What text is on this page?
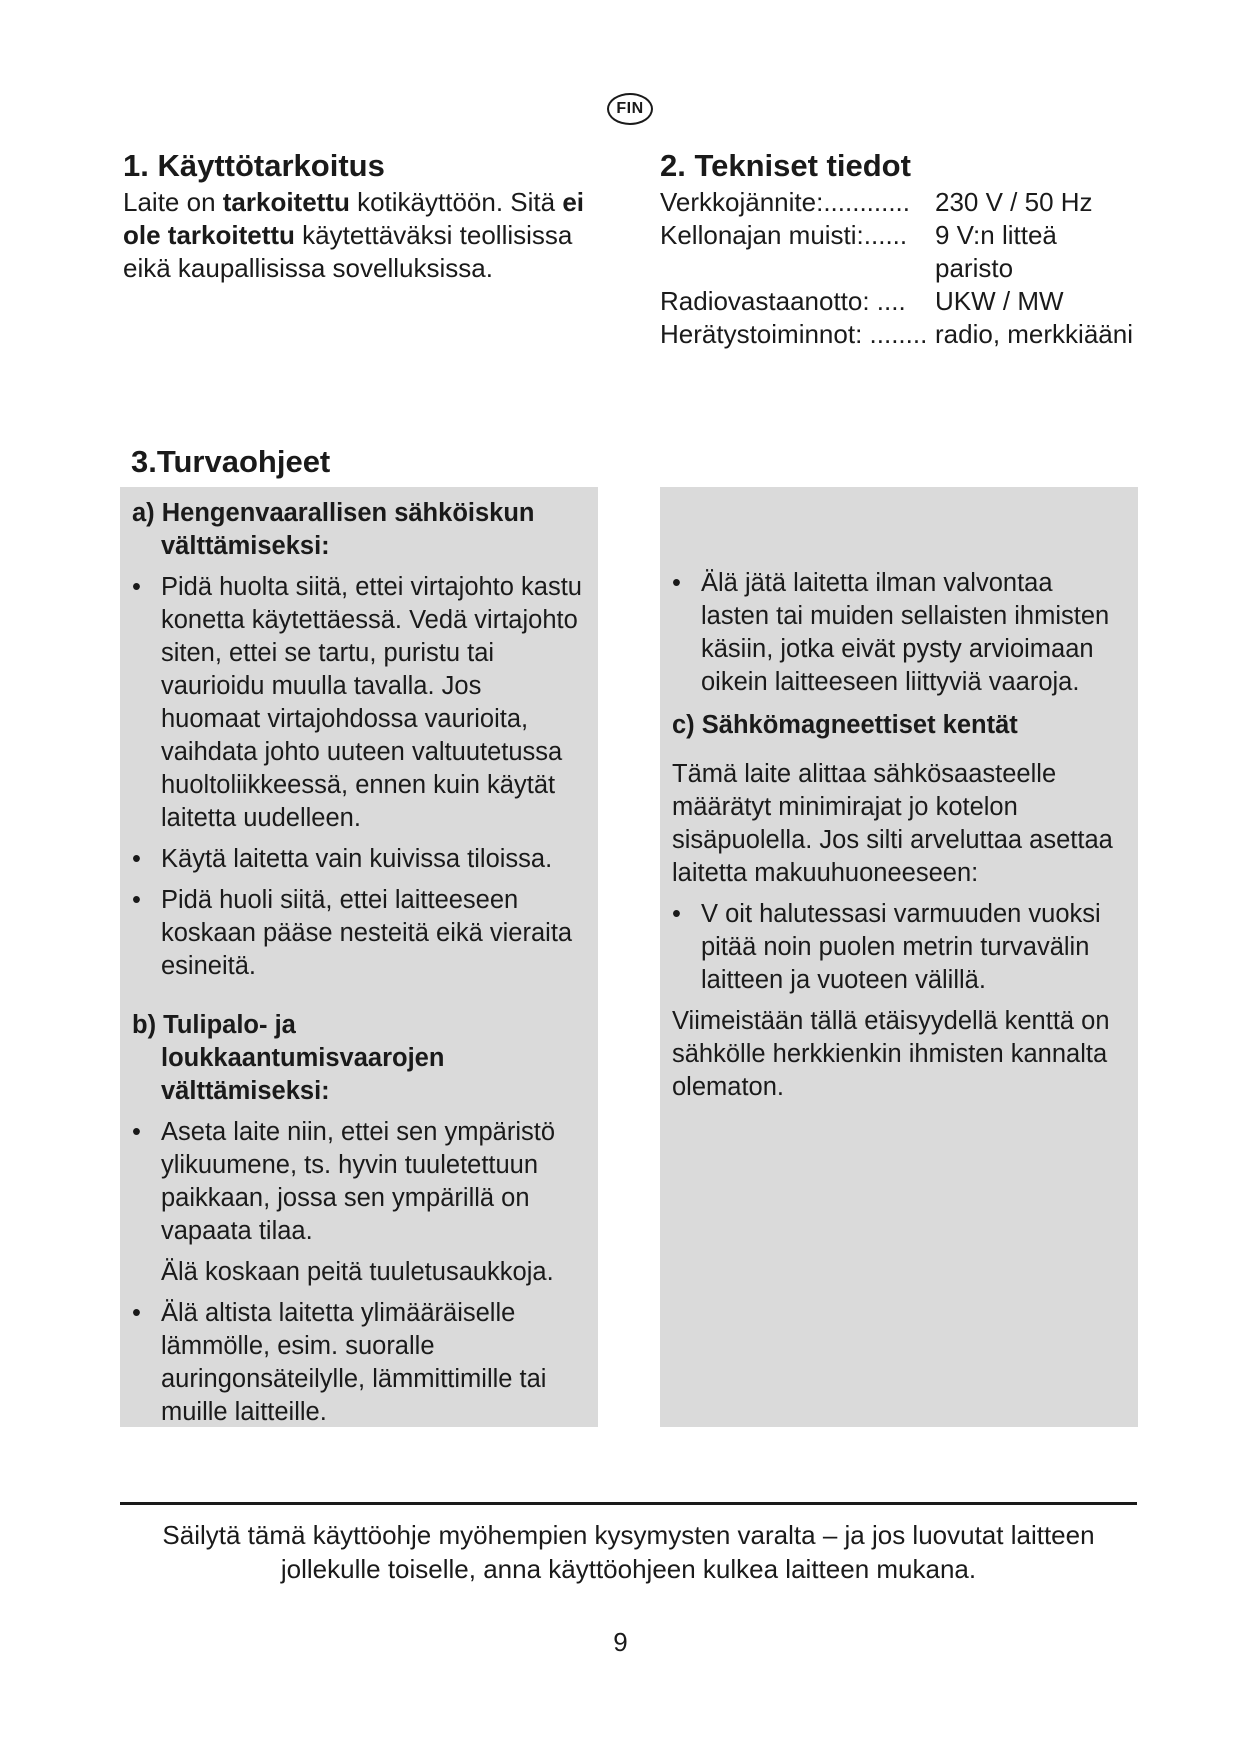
FIN
1. Käyttötarkoitus
Laite on tarkoitettu kotikäyttöön. Sitä ei ole tarkoitettu käytettäväksi teollisissa eikä kaupallisissa sovelluksissa.
2. Tekniset tiedot
Verkkojännite:............ 230 V / 50 Hz
Kellonajan muisti:......	9 V:n litteä
paristo
Radiovastaanotto: ....	UKW / MW
Herätystoiminnot: ........ radio, merkkiääni
3.Turvaohjeet

a) Hengenvaarallisen sähköiskun välttämiseksi:

• Pidä huolta siitä, ettei virtajohto kastu konetta käytettäessä. Vedä virtajohto siten, ettei se tartu, puristu tai vaurioidu muulla tavalla. Jos huomaat virtajohdossa vaurioita, vaihdata johto uuteen valtuutetussa huoltoliikkeessä, ennen kuin käytät laitetta uudelleen.
• Käytä laitetta vain kuivissa tiloissa.
• Pidä huoli siitä, ettei laitteeseen koskaan pääse nesteitä eikä vieraita esineitä.

b) Tulipalo- ja loukkaantumisvaarojen välttämiseksi:

• Aseta laite niin, ettei sen ympäristö ylikuumene, ts. hyvin tuuletettuun paikkaan, jossa sen ympärillä on vapaata tilaa.

Älä koskaan peitä tuuletusaukkoja.

• Älä altista laitetta ylimääräiselle lämmölle, esim. suoralle auringonsäteilylle, lämmittimille tai muille laitteille.
• Älä jätä laitetta ilman valvontaa lasten tai muiden sellaisten ihmisten käsiin, jotka eivät pysty arvioimaan oikein laitteeseen liittyviä vaaroja.

c) Sähkömagneettiset kentät

Tämä laite alittaa sähkösaasteelle määrätyt minimirajat jo kotelon sisäpuolella. Jos silti arveluttaa asettaa laitetta makuuhuoneeseen:

• V oit halutessasi varmuuden vuoksi pitää noin puolen metrin turvavälin laitteen ja vuoteen välillä.

Viimeistään tällä etäisyydellä kenttä on sähkölle herkkienkin ihmisten kannalta olematon.

Säilytä tämä käyttöohje myöhempien kysymysten varalta – ja jos luovutat laitteen jollekulle toiselle, anna käyttöohjeen kulkea laitteen mukana.
9
